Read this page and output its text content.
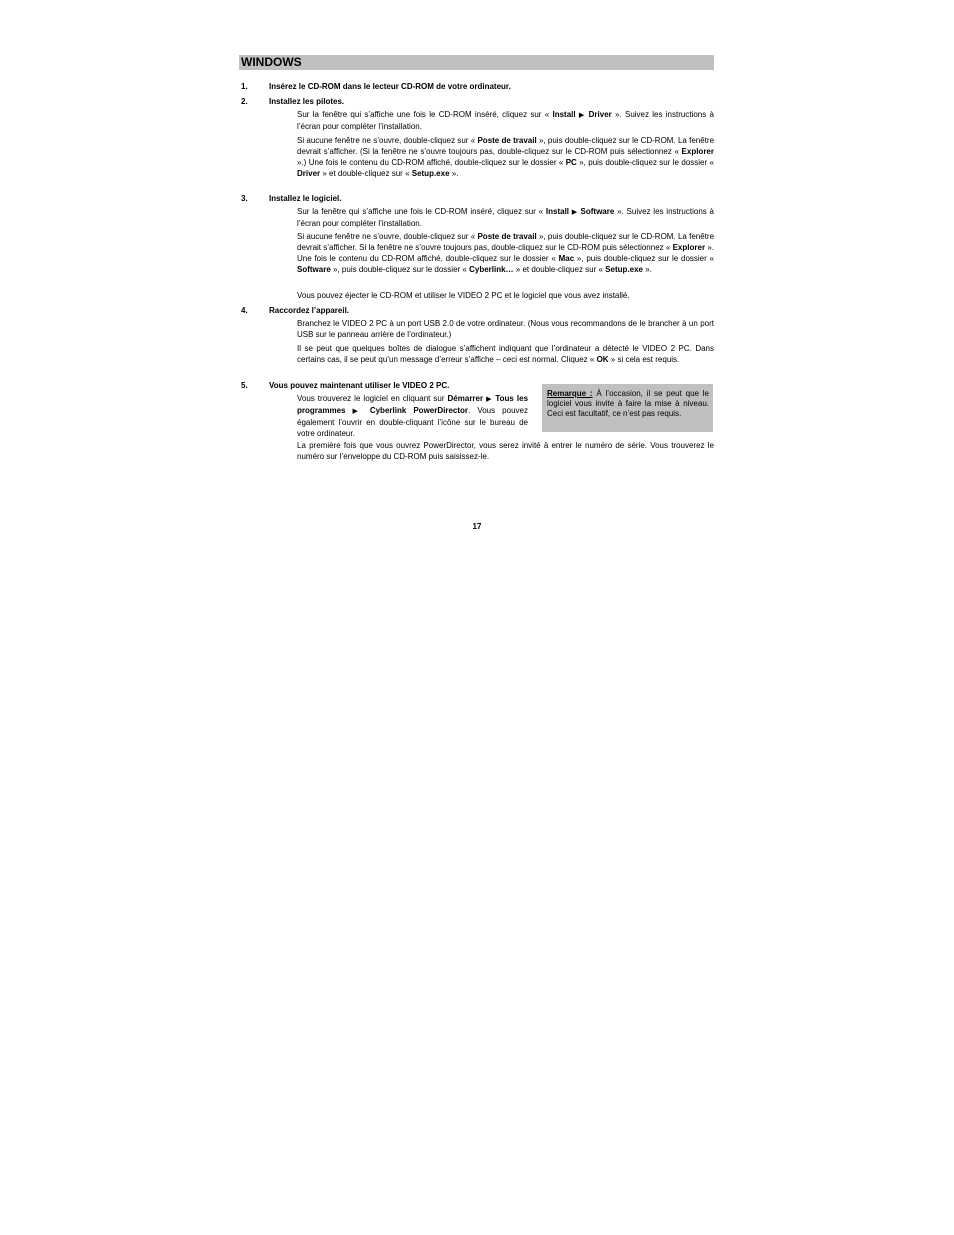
WINDOWS
1.	Insérez le CD-ROM dans le lecteur CD-ROM de votre ordinateur.
2.	Installez les pilotes.
Sur la fenêtre qui s’affiche une fois le CD-ROM inséré, cliquez sur « Install ▶ Driver ». Suivez les instructions à l’écran pour compléter l’installation.
Si aucune fenêtre ne s’ouvre, double-cliquez sur « Poste de travail », puis double-cliquez sur le CD-ROM. La fenêtre devrait s’afficher. (Si la fenêtre ne s’ouvre toujours pas, double-cliquez sur le CD-ROM puis sélectionnez « Explorer ».) Une fois le contenu du CD-ROM affiché, double-cliquez sur le dossier « PC », puis double-cliquez sur le dossier « Driver » et double-cliquez sur « Setup.exe ».
3.	Installez le logiciel.
Sur la fenêtre qui s’affiche une fois le CD-ROM inséré, cliquez sur « Install ▶ Software ». Suivez les instructions à l’écran pour compléter l’installation.
Si aucune fenêtre ne s’ouvre, double-cliquez sur « Poste de travail », puis double-cliquez sur le CD-ROM. La fenêtre devrait s’afficher. Si la fenêtre ne s’ouvre toujours pas, double-cliquez sur le CD-ROM puis sélectionnez « Explorer ». Une fois le contenu du CD-ROM affiché, double-cliquez sur le dossier « Mac », puis double-cliquez sur le dossier « Software », puis double-cliquez sur le dossier « Cyberlink… » et double-cliquez sur « Setup.exe ».
Vous pouvez éjecter le CD-ROM et utiliser le VIDEO 2 PC et le logiciel que vous avez installé.
4.	Raccordez l’appareil.
Branchez le VIDEO 2 PC à un port USB 2.0 de votre ordinateur. (Nous vous recommandons de le brancher à un port USB sur le panneau arrière de l’ordinateur.)
Il se peut que quelques boîtes de dialogue s’affichent indiquant que l’ordinateur a détecté le VIDEO 2 PC. Dans certains cas, il se peut qu’un message d’erreur s’affiche – ceci est normal. Cliquez « OK » si cela est requis.
5.	Vous pouvez maintenant utiliser le VIDEO 2 PC.
Vous trouverez le logiciel en cliquant sur Démarrer ▶ Tous les programmes ▶ Cyberlink PowerDirector. Vous pouvez également l’ouvrir en double-cliquant l’icône sur le bureau de votre ordinateur.
Remarque : À l’occasion, il se peut que le logiciel vous invite à faire la mise à niveau. Ceci est facultatif, ce n’est pas requis.
La première fois que vous ouvrez PowerDirector, vous serez invité à entrer le numéro de série. Vous trouverez le numéro sur l’enveloppe du CD-ROM puis saisissez-le.
17
